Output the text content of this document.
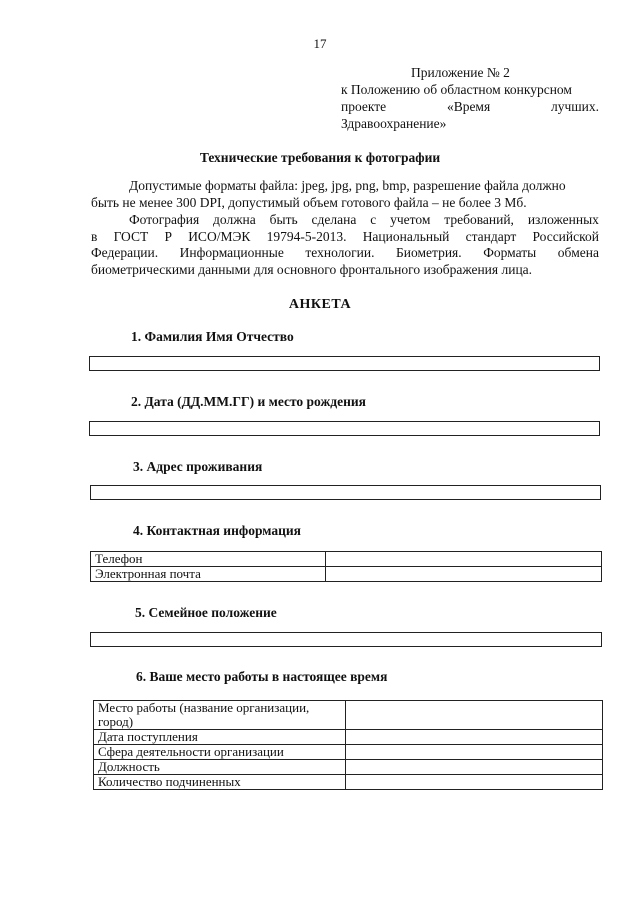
17
Приложение № 2
к Положению об областном конкурсном
проекте	«Время	лучших.
Здравоохранение»
Технические требования к фотографии
Допустимые форматы файла: jpeg, jpg, png, bmp, разрешение файла должно
быть не менее 300 DPI, допустимый объем готового файла – не более 3 Мб.
Фотография должна быть сделана с учетом требований, изложенных
в ГОСТ Р ИСО/МЭК 19794-5-2013. Национальный стандарт Российской
Федерации. Информационные технологии. Биометрия. Форматы обмена
биометрическими данными для основного фронтального изображения лица.
АНКЕТА
1. Фамилия Имя Отчество
2. Дата (ДД.ММ.ГГ) и место рождения
3. Адрес проживания
4. Контактная информация
Телефон	
Электронная почта	
5. Семейное положение
6. Ваше место работы в настоящее время
Место работы (название организации, город)	
Дата поступления	
Сфера деятельности организации	
Должность	
Количество подчиненных	
